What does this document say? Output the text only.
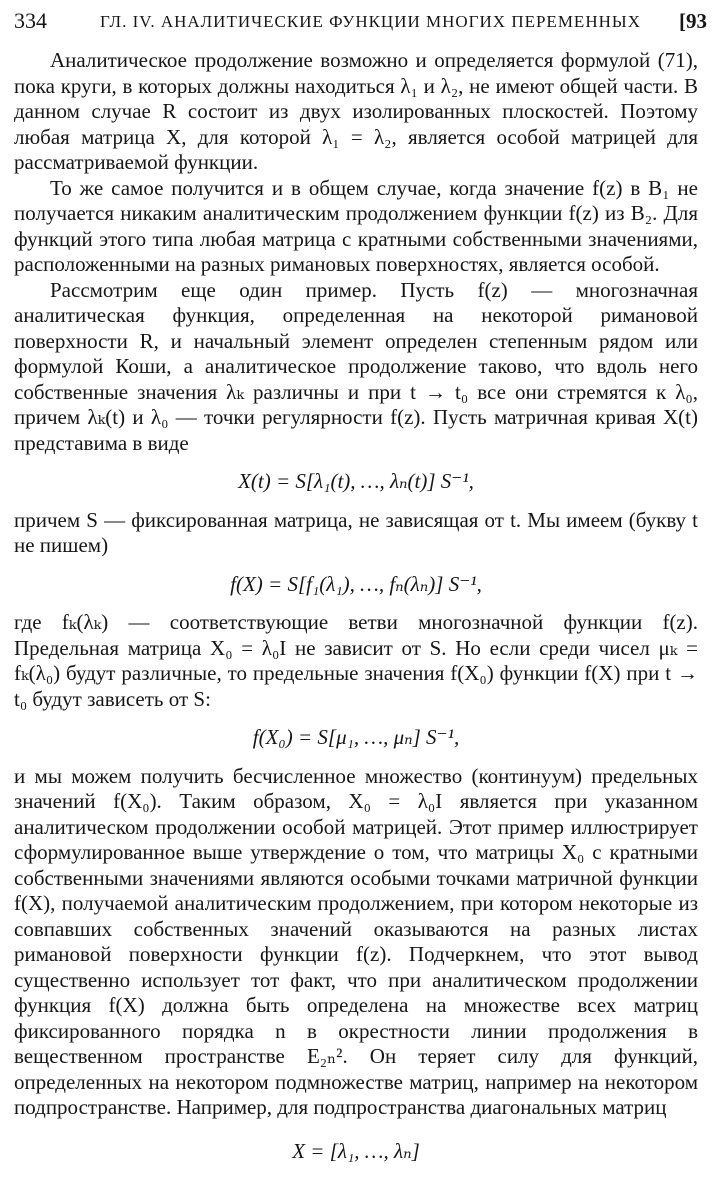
334	ГЛ. IV. АНАЛИТИЧЕСКИЕ ФУНКЦИИ МНОГИХ ПЕРЕМЕННЫХ [93

Аналитическое продолжение возможно и определяется формулой (71), пока круги, в которых должны находиться λ₁ и λ₂, не имеют общей части. В данном случае R состоит из двух изолированных плоскостей. Поэтому любая матрица X, для которой λ₁ = λ₂, является особой матрицей для рассматриваемой функции.

То же самое получится и в общем случае, когда значение f(z) в B₁ не получается никаким аналитическим продолжением функции f(z) из B₂. Для функций этого типа любая матрица с кратными собственными значениями, расположенными на разных римановых поверхностях, является особой.

Рассмотрим еще один пример. Пусть f(z) — многозначная аналитическая функция, определенная на некоторой римановой поверхности R, и начальный элемент определен степенным рядом или формулой Коши, а аналитическое продолжение таково, что вдоль него собственные значения λₖ различны и при t → t₀ все они стремятся к λ₀, причем λₖ(t) и λ₀ — точки регулярности f(z). Пусть матричная кривая X(t) представима в виде

X(t) = S[λ₁(t), …, λₙ(t)] S⁻¹,

причем S — фиксированная матрица, не зависящая от t. Мы имеем (букву t не пишем)

f(X) = S[f₁(λ₁), …, fₙ(λₙ)] S⁻¹,

где fₖ(λₖ) — соответствующие ветви многозначной функции f(z). Предельная матрица X₀ = λ₀I не зависит от S. Но если среди чисел μₖ = fₖ(λ₀) будут различные, то предельные значения f(X₀) функции f(X) при t → t₀ будут зависеть от S:

f(X₀) = S[μ₁, …, μₙ] S⁻¹,

и мы можем получить бесчисленное множество (континуум) предельных значений f(X₀). Таким образом, X₀ = λ₀I является при указанном аналитическом продолжении особой матрицей. Этот пример иллюстрирует сформулированное выше утверждение о том, что матрицы X₀ с кратными собственными значениями являются особыми точками матричной функции f(X), получаемой аналитическим продолжением, при котором некоторые из совпавших собственных значений оказываются на разных листах римановой поверхности функции f(z). Подчеркнем, что этот вывод существенно использует тот факт, что при аналитическом продолжении функция f(X) должна быть определена на множестве всех матриц фиксированного порядка n в окрестности линии продолжения в вещественном пространстве E₂ₙ². Он теряет силу для функций, определенных на некотором подмножестве матриц, например на некотором подпространстве. Например, для подпространства диагональных матриц

X = [λ₁, …, λₙ]
